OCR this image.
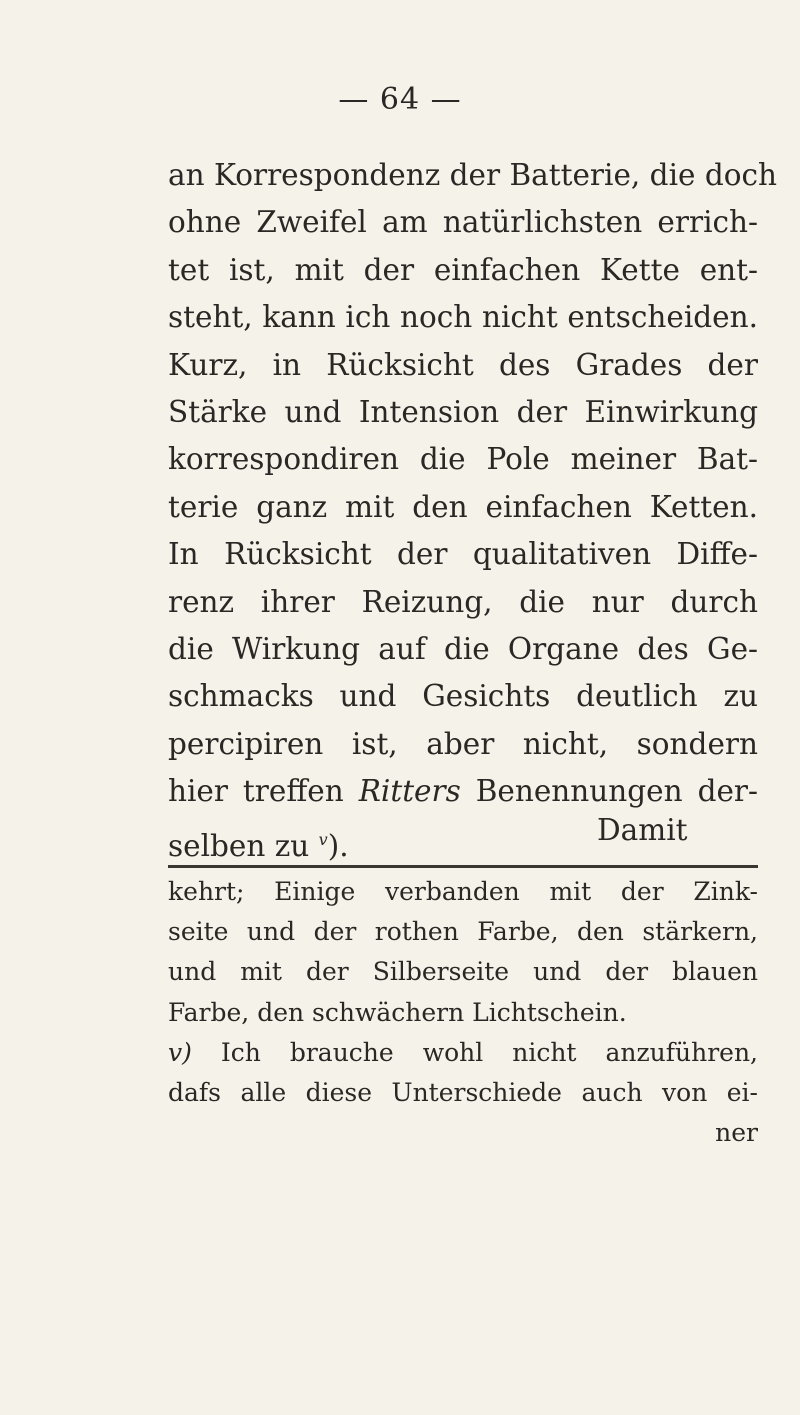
— 64 —
an Korrespondenz der Batterie, die doch
ohne Zweifel am natürlichsten errich-
tet ist, mit der einfachen Kette ent-
steht, kann ich noch nicht entscheiden.
Kurz, in Rücksicht des Grades der
Stärke und Intension der Einwirkung
korrespondiren die Pole meiner Bat-
terie ganz mit den einfachen Ketten.
In Rücksicht der qualitativen Diffe-
renz ihrer Reizung, die nur durch
die Wirkung auf die Organe des Ge-
schmacks und Gesichts deutlich zu
percipiren ist, aber nicht, sondern
hier treffen Ritters Benennungen der-
selben zu $^v$).	Damit
kehrt; Einige verbanden mit der Zink-
seite und der rothen Farbe, den stärkern,
und mit der Silberseite und der blauen
Farbe, den schwächern Lichtschein.
v) Ich brauche wohl nicht anzuführen,
dafs alle diese Unterschiede auch von ei-
ner
